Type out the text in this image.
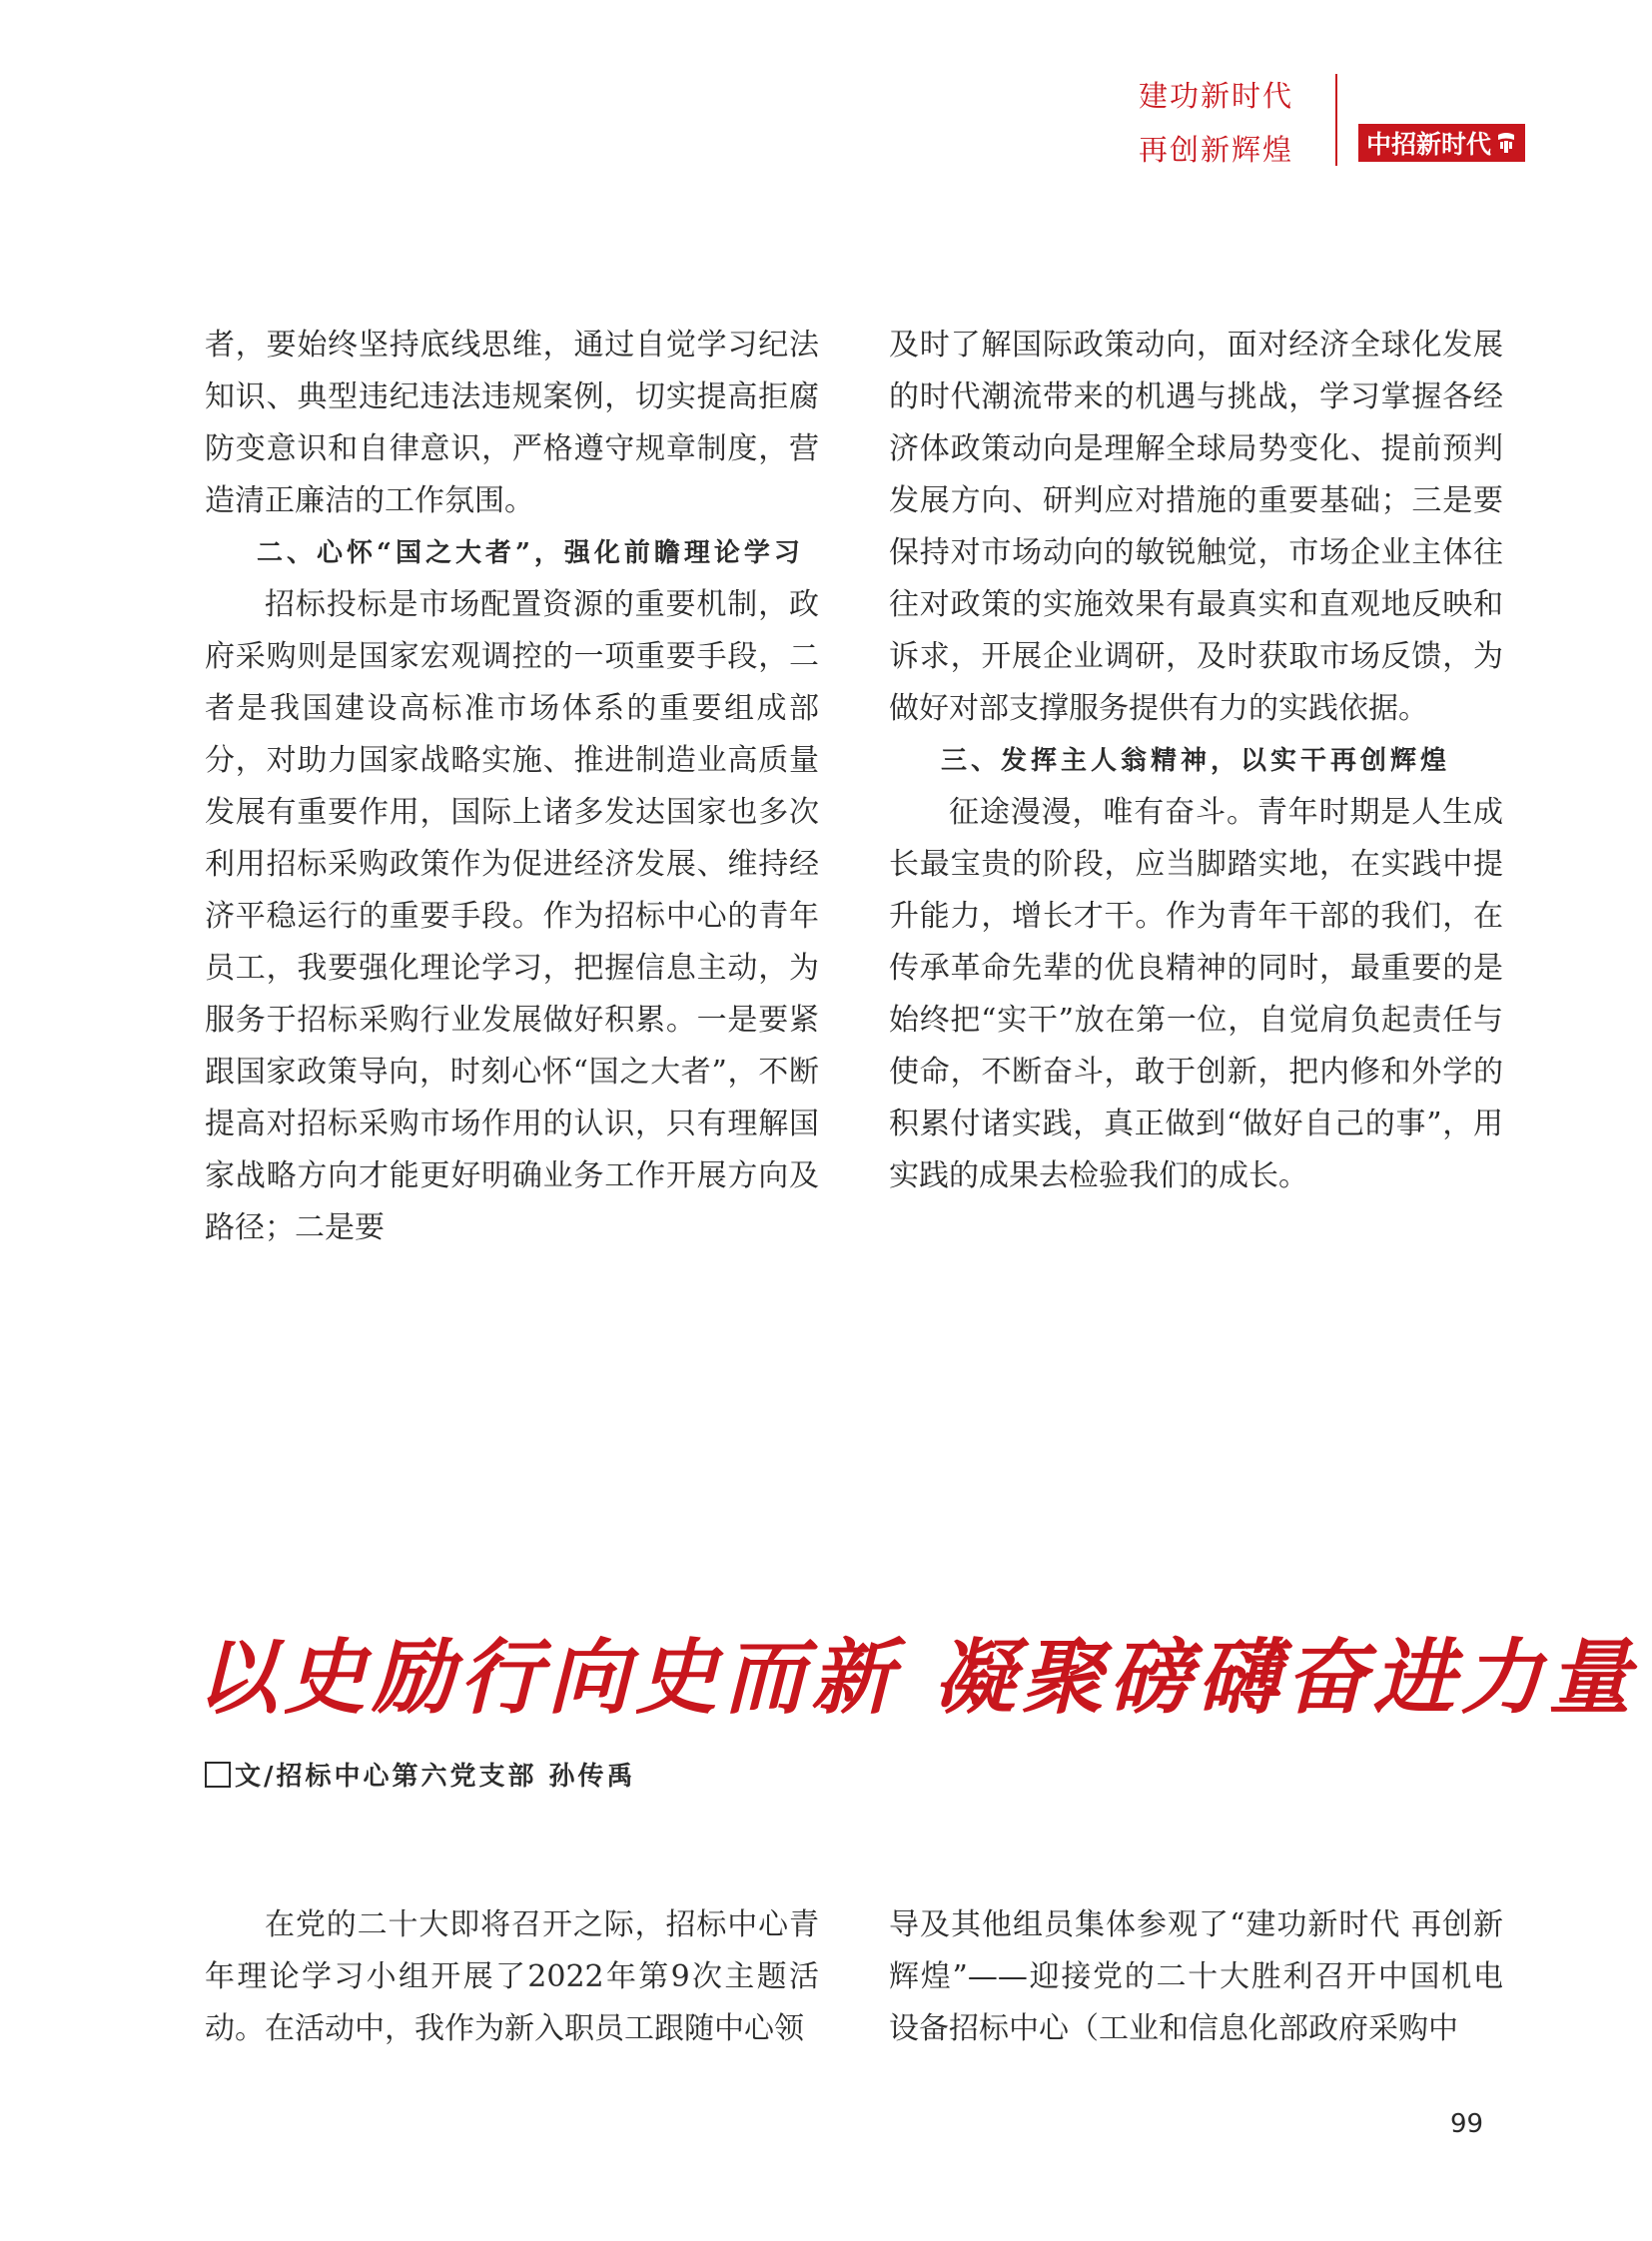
建功新时代
再创新辉煌	中招新时代

者，要始终坚持底线思维，通过自觉学习纪法知识、典型违纪违法违规案例，切实提高拒腐防变意识和自律意识，严格遵守规章制度，营造清正廉洁的工作氛围。

二、心怀“国之大者”，强化前瞻理论学习

招标投标是市场配置资源的重要机制，政府采购则是国家宏观调控的一项重要手段，二者是我国建设高标准市场体系的重要组成部分，对助力国家战略实施、推进制造业高质量发展有重要作用，国际上诸多发达国家也多次利用招标采购政策作为促进经济发展、维持经济平稳运行的重要手段。作为招标中心的青年员工，我要强化理论学习，把握信息主动，为服务于招标采购行业发展做好积累。一是要紧跟国家政策导向，时刻心怀“国之大者”，不断提高对招标采购市场作用的认识，只有理解国家战略方向才能更好明确业务工作开展方向及路径；二是要

及时了解国际政策动向，面对经济全球化发展的时代潮流带来的机遇与挑战，学习掌握各经济体政策动向是理解全球局势变化、提前预判发展方向、研判应对措施的重要基础；三是要保持对市场动向的敏锐触觉，市场企业主体往往对政策的实施效果有最真实和直观地反映和诉求，开展企业调研，及时获取市场反馈，为做好对部支撑服务提供有力的实践依据。

三、发挥主人翁精神，以实干再创辉煌

征途漫漫，唯有奋斗。青年时期是人生成长最宝贵的阶段，应当脚踏实地，在实践中提升能力，增长才干。作为青年干部的我们，在传承革命先辈的优良精神的同时，最重要的是始终把“实干”放在第一位，自觉肩负起责任与使命，不断奋斗，敢于创新，把内修和外学的积累付诸实践，真正做到“做好自己的事”，用实践的成果去检验我们的成长。

以史励行向史而新 凝聚磅礴奋进力量
文/招标中心第六党支部 孙传禹

在党的二十大即将召开之际，招标中心青年理论学习小组开展了2022年第9次主题活动。在活动中，我作为新入职员工跟随中心领

导及其他组员集体参观了“建功新时代 再创新辉煌”——迎接党的二十大胜利召开中国机电设备招标中心（工业和信息化部政府采购中

99
